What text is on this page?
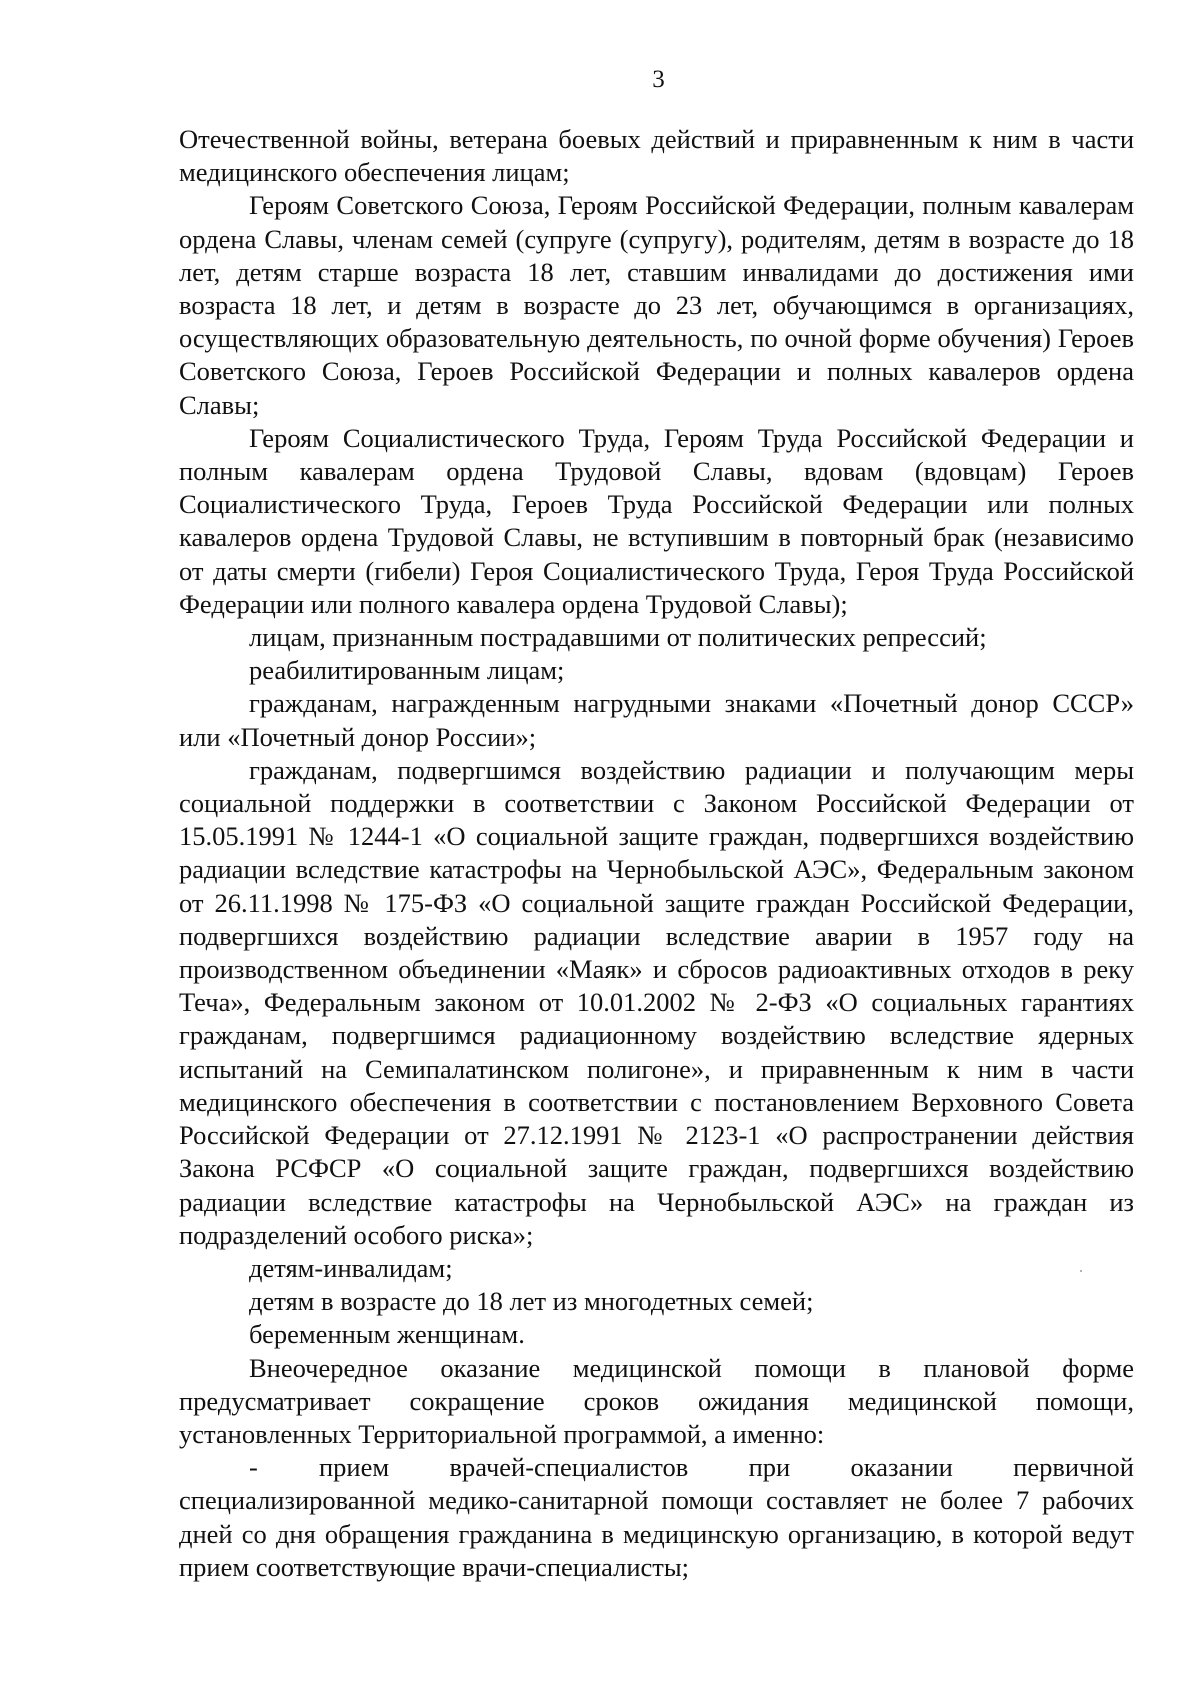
3

Отечественной войны, ветерана боевых действий и приравненным к ним в части медицинского обеспечения лицам;

Героям Советского Союза, Героям Российской Федерации, полным кавалерам ордена Славы, членам семей (супруге (супругу), родителям, детям в возрасте до 18 лет, детям старше возраста 18 лет, ставшим инвалидами до достижения ими возраста 18 лет, и детям в возрасте до 23 лет, обучающимся в организациях, осуществляющих образовательную деятельность, по очной форме обучения) Героев Советского Союза, Героев Российской Федерации и полных кавалеров ордена Славы;

Героям Социалистического Труда, Героям Труда Российской Федерации и полным кавалерам ордена Трудовой Славы, вдовам (вдовцам) Героев Социалистического Труда, Героев Труда Российской Федерации или полных кавалеров ордена Трудовой Славы, не вступившим в повторный брак (независимо от даты смерти (гибели) Героя Социалистического Труда, Героя Труда Российской Федерации или полного кавалера ордена Трудовой Славы);

лицам, признанным пострадавшими от политических репрессий;

реабилитированным лицам;

гражданам, награжденным нагрудными знаками «Почетный донор СССР» или «Почетный донор России»;

гражданам, подвергшимся воздействию радиации и получающим меры социальной поддержки в соответствии с Законом Российской Федерации от 15.05.1991 № 1244-1 «О социальной защите граждан, подвергшихся воздействию радиации вследствие катастрофы на Чернобыльской АЭС», Федеральным законом от 26.11.1998 № 175-ФЗ «О социальной защите граждан Российской Федерации, подвергшихся воздействию радиации вследствие аварии в 1957 году на производственном объединении «Маяк» и сбросов радиоактивных отходов в реку Теча», Федеральным законом от 10.01.2002 № 2-ФЗ «О социальных гарантиях гражданам, подвергшимся радиационному воздействию вследствие ядерных испытаний на Семипалатинском полигоне», и приравненным к ним в части медицинского обеспечения в соответствии с постановлением Верховного Совета Российской Федерации от 27.12.1991 № 2123-1 «О распространении действия Закона РСФСР «О социальной защите граждан, подвергшихся воздействию радиации вследствие катастрофы на Чернобыльской АЭС» на граждан из подразделений особого риска»;

детям-инвалидам;

детям в возрасте до 18 лет из многодетных семей;

беременным женщинам.

Внеочередное оказание медицинской помощи в плановой форме предусматривает сокращение сроков ожидания медицинской помощи, установленных Территориальной программой, а именно:

- прием врачей-специалистов при оказании первичной специализированной медико-санитарной помощи составляет не более 7 рабочих дней со дня обращения гражданина в медицинскую организацию, в которой ведут прием соответствующие врачи-специалисты;
